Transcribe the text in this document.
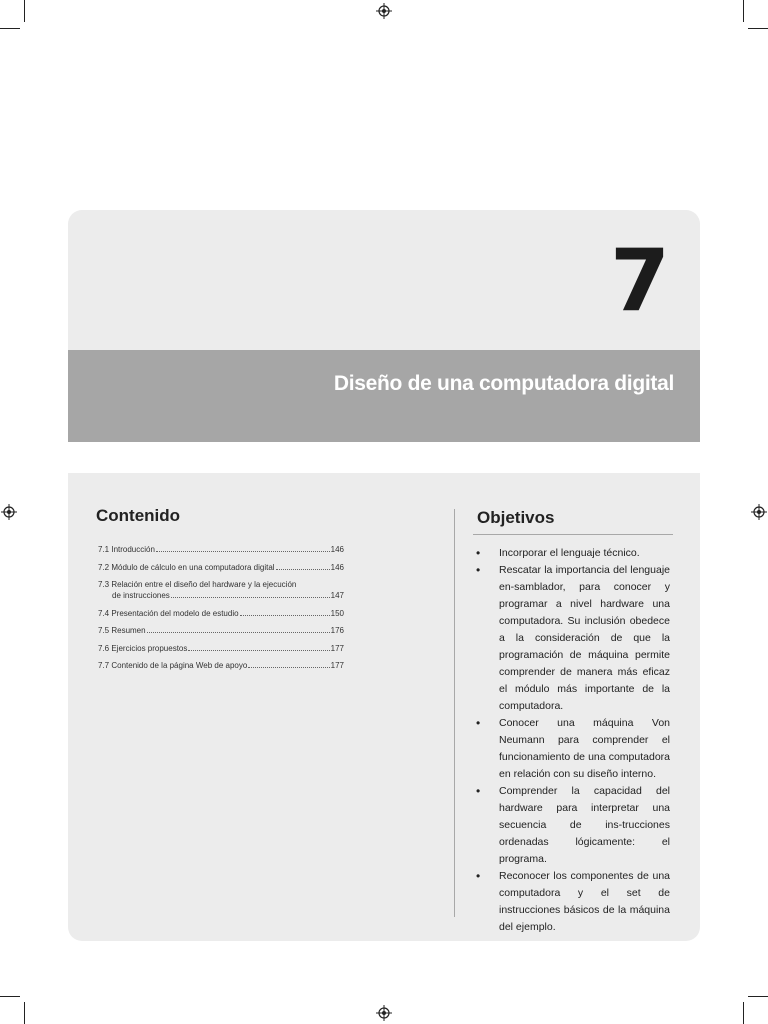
7
Diseño de una computadora digital
Contenido
7.1 Introducción	146
7.2 Módulo de cálculo en una computadora digital	146
7.3 Relación entre el diseño del hardware y la ejecución
de instrucciones	147
7.4 Presentación del modelo de estudio	150
7.5 Resumen	176
7.6 Ejercicios propuestos	177
7.7 Contenido de la página Web de apoyo	177
Objetivos
• Incorporar el lenguaje técnico.
• Rescatar la importancia del lenguaje en-samblador, para conocer y programar a nivel hardware una computadora. Su inclusión obedece a la consideración de que la programación de máquina permite comprender de manera más eficaz el módulo más importante de la computadora.
• Conocer una máquina Von Neumann para comprender el funcionamiento de una computadora en relación con su diseño interno.
• Comprender la capacidad del hardware para interpretar una secuencia de ins-trucciones ordenadas lógicamente: el programa.
• Reconocer los componentes de una computadora y el set de instrucciones básicos de la máquina del ejemplo.
